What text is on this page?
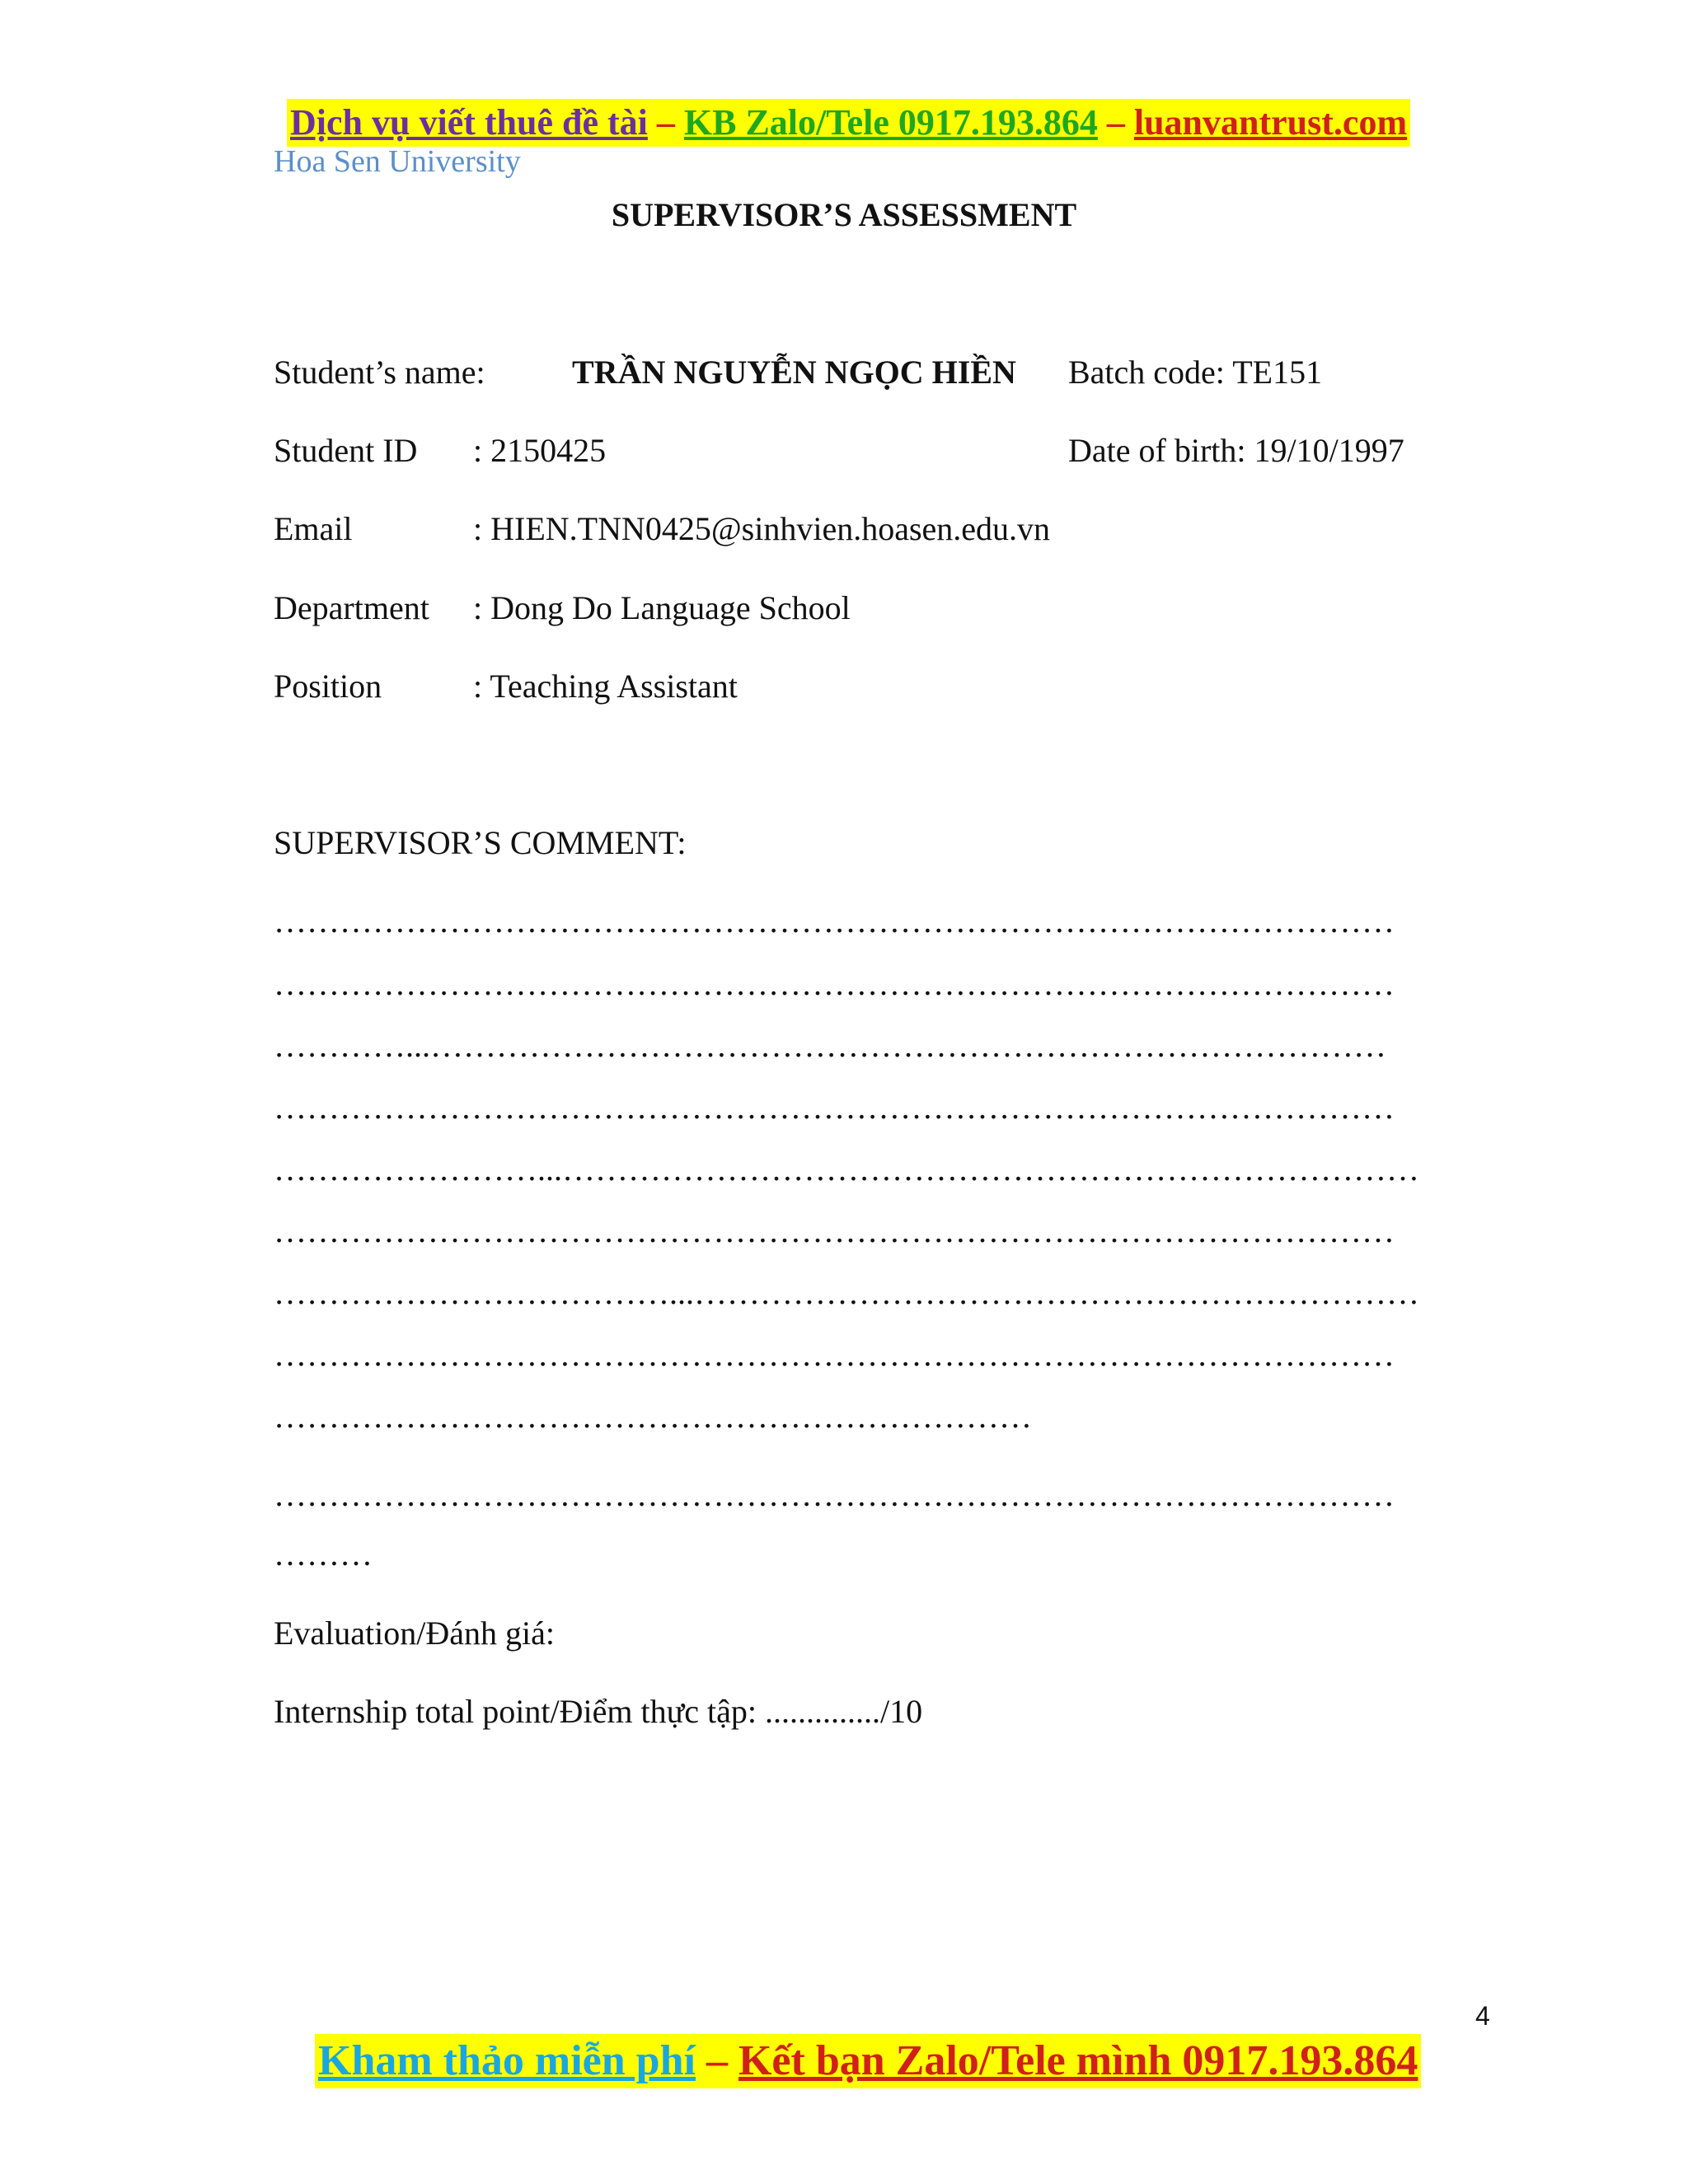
Dịch vụ viết thuê đề tài – KB Zalo/Tele 0917.193.864 – luanvantrust.com
Hoa Sen University
SUPERVISOR’S ASSESSMENT
Student’s name:	TRẦN NGUYỄN NGỌC HIỀN Batch code: TE151
Student ID : 2150425	Date of birth: 19/10/1997
Email	: HIEN.TNN0425@sinhvien.hoasen.edu.vn
Department : Dong Do Language School
Position	: Teaching Assistant
SUPERVISOR’S COMMENT:
…………………………………………………………………………………………
…………………………………………………………………………………………
…………...……………………………………………………………………………
…………………………………………………………………………………………
……………………...……………………………………………………………………
…………………………………………………………………………………………
………………………………...…………………………………………………………
…………………………………………………………………………………………
……………………………………………………………
…………………………………………………………………………………………
………
Evaluation/Đánh giá:
Internship total point/Điểm thực tập: ............../10
4
Kham thảo miễn phí – Kết bạn Zalo/Tele mình 0917.193.864
